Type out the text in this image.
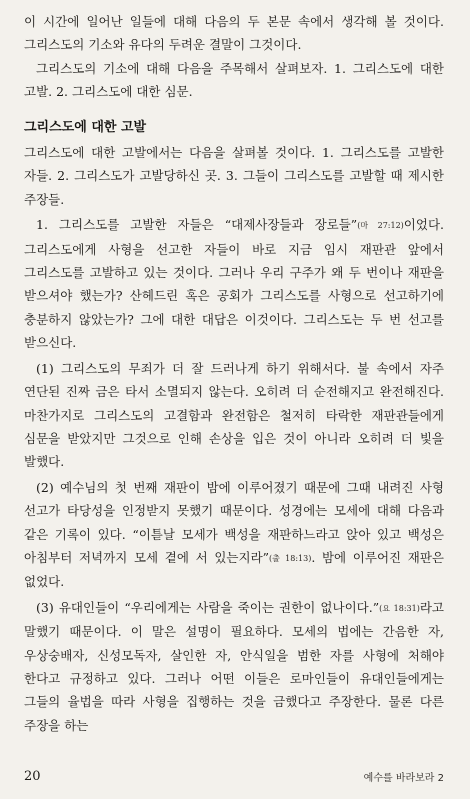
이 시간에 일어난 일들에 대해 다음의 두 본문 속에서 생각해 볼 것이다. 그리스도의 기소와 유다의 두려운 결말이 그것이다.

그리스도의 기소에 대해 다음을 주목해서 살펴보자. 1. 그리스도에 대한 고발. 2. 그리스도에 대한 심문.

그리스도에 대한 고발

그리스도에 대한 고발에서는 다음을 살펴볼 것이다. 1. 그리스도를 고발한 자들. 2. 그리스도가 고발당하신 곳. 3. 그들이 그리스도를 고발할 때 제시한 주장들.

1. 그리스도를 고발한 자들은 “대제사장들과 장로들”(마 27:12)이었다. 그리스도에게 사형을 선고한 자들이 바로 지금 임시 재판관 앞에서 그리스도를 고발하고 있는 것이다. 그러나 우리 구주가 왜 두 번이나 재판을 받으셔야 했는가? 산헤드린 혹은 공회가 그리스도를 사형으로 선고하기에 충분하지 않았는가? 그에 대한 대답은 이것이다. 그리스도는 두 번 선고를 받으신다.

(1) 그리스도의 무죄가 더 잘 드러나게 하기 위해서다. 불 속에서 자주 연단된 진짜 금은 타서 소멸되지 않는다. 오히려 더 순전해지고 완전해진다. 마찬가지로 그리스도의 고결함과 완전함은 철저히 타락한 재판관들에게 심문을 받았지만 그것으로 인해 손상을 입은 것이 아니라 오히려 더 빛을 발했다.

(2) 예수님의 첫 번째 재판이 밤에 이루어졌기 때문에 그때 내려진 사형 선고가 타당성을 인정받지 못했기 때문이다. 성경에는 모세에 대해 다음과 같은 기록이 있다. “이튿날 모세가 백성을 재판하느라고 앉아 있고 백성은 아침부터 저녁까지 모세 곁에 서 있는지라”(출 18:13). 밤에 이루어진 재판은 없었다.

(3) 유대인들이 “우리에게는 사람을 죽이는 권한이 없나이다.”(요 18:31)라고 말했기 때문이다. 이 말은 설명이 필요하다. 모세의 법에는 간음한 자, 우상숭배자, 신성모독자, 살인한 자, 안식일을 범한 자를 사형에 처해야 한다고 규정하고 있다. 그러나 어떤 이들은 로마인들이 유대인들에게는 그들의 율법을 따라 사형을 집행하는 것을 금했다고 주장한다. 물론 다른 주장을 하는

20	예수를 바라보라 2
